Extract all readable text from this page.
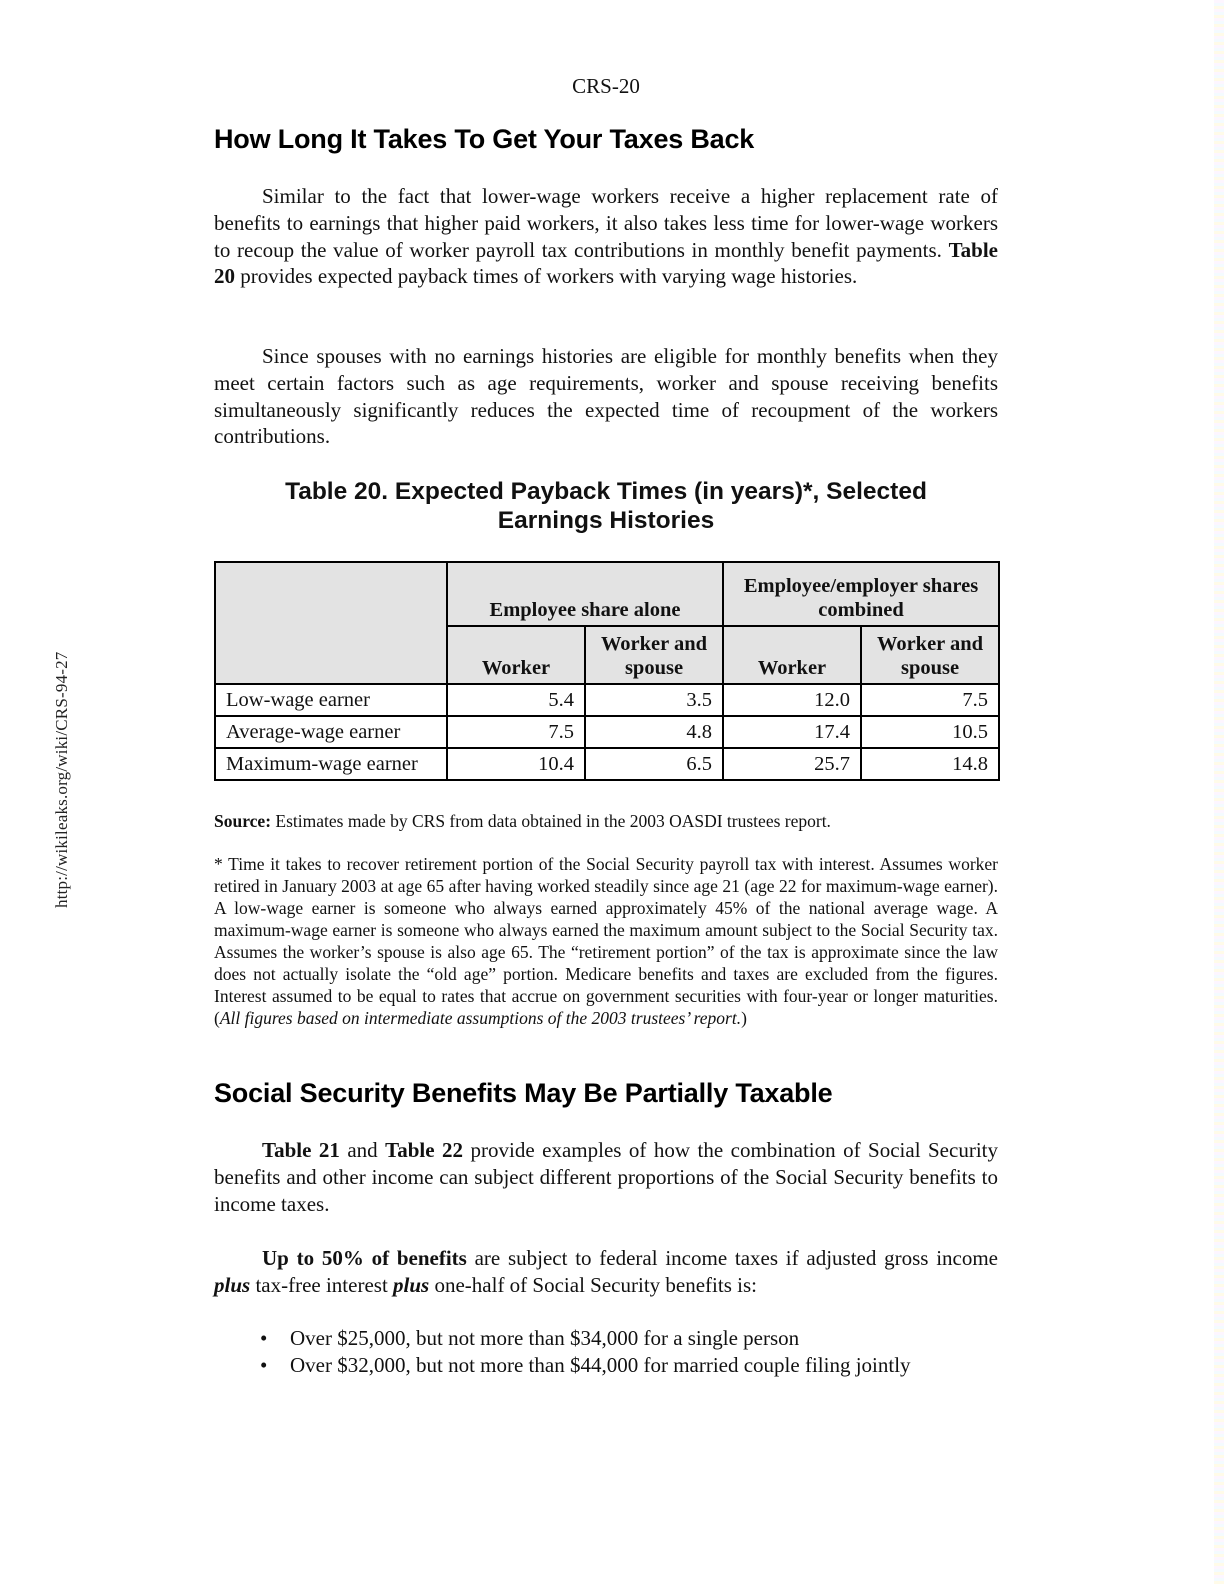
http://wikileaks.org/wiki/CRS-94-27
CRS-20
How Long It Takes To Get Your Taxes Back

Similar to the fact that lower-wage workers receive a higher replacement rate of benefits to earnings that higher paid workers, it also takes less time for lower-wage workers to recoup the value of worker payroll tax contributions in monthly benefit payments. Table 20 provides expected payback times of workers with varying wage histories.

Since spouses with no earnings histories are eligible for monthly benefits when they meet certain factors such as age requirements, worker and spouse receiving benefits simultaneously significantly reduces the expected time of recoupment of the workers contributions.

Table 20. Expected Payback Times (in years)*, Selected
Earnings Histories

	Employee share alone		Employee/employer shares combined	
	Worker	Worker and spouse	Worker	Worker and spouse
Low-wage earner	5.4	3.5	12.0	7.5
Average-wage earner	7.5	4.8	17.4	10.5
Maximum-wage earner	10.4	6.5	25.7	14.8

Source: Estimates made by CRS from data obtained in the 2003 OASDI trustees report.

* Time it takes to recover retirement portion of the Social Security payroll tax with interest. Assumes worker retired in January 2003 at age 65 after having worked steadily since age 21 (age 22 for maximum-wage earner). A low-wage earner is someone who always earned approximately 45% of the national average wage. A maximum-wage earner is someone who always earned the maximum amount subject to the Social Security tax. Assumes the worker’s spouse is also age 65. The “retirement portion” of the tax is approximate since the law does not actually isolate the “old age” portion. Medicare benefits and taxes are excluded from the figures. Interest assumed to be equal to rates that accrue on government securities with four-year or longer maturities. (All figures based on intermediate assumptions of the 2003 trustees’ report.)

Social Security Benefits May Be Partially Taxable

Table 21 and Table 22 provide examples of how the combination of Social Security benefits and other income can subject different proportions of the Social Security benefits to income taxes.

Up to 50% of benefits are subject to federal income taxes if adjusted gross income plus tax-free interest plus one-half of Social Security benefits is:

• Over $25,000, but not more than $34,000 for a single person
• Over $32,000, but not more than $44,000 for married couple filing jointly
